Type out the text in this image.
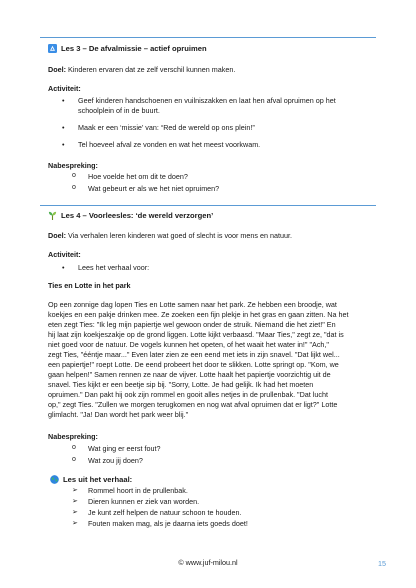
Les 3 – De afvalmissie – actief opruimen
Doel: Kinderen ervaren dat ze zelf verschil kunnen maken.
Activiteit:
• Geef kinderen handschoenen en vuilniszakken en laat hen afval opruimen op het schoolplein of in de buurt.
• Maak er een ‘missie’ van: “Red de wereld op ons plein!”
• Tel hoeveel afval ze vonden en wat het meest voorkwam.
Nabespreking:
o Hoe voelde het om dit te doen?
o Wat gebeurt er als we het niet opruimen?
Les 4 – Voorleesles: ‘de wereld verzorgen’
Doel: Via verhalen leren kinderen wat goed of slecht is voor mens en natuur.
Activiteit:
• Lees het verhaal voor:
Ties en Lotte in het park
Op een zonnige dag lopen Ties en Lotte samen naar het park. Ze hebben een broodje, wat
koekjes en een pakje drinken mee. Ze zoeken een fijn plekje in het gras en gaan zitten. Na het
eten zegt Ties: "Ik leg mijn papiertje wel gewoon onder de struik. Niemand die het ziet!" En
hij laat zijn koekjeszakje op de grond liggen. Lotte kijkt verbaasd. "Maar Ties," zegt ze, "dat is
niet goed voor de natuur. De vogels kunnen het opeten, of het waait het water in!" "Ach,"
zegt Ties, "ééntje maar..." Even later zien ze een eend met iets in zijn snavel. "Dat lijkt wel...
een papiertje!" roept Lotte. De eend probeert het door te slikken. Lotte springt op. "Kom, we
gaan helpen!" Samen rennen ze naar de vijver. Lotte haalt het papiertje voorzichtig uit de
snavel. Ties kijkt er een beetje sip bij. "Sorry, Lotte. Je had gelijk. Ik had het moeten
opruimen." Dan pakt hij ook zijn rommel en gooit alles netjes in de prullenbak. "Dat lucht
op," zegt Ties. "Zullen we morgen terugkomen en nog wat afval opruimen dat er ligt?" Lotte
glimlacht. "Ja! Dan wordt het park weer blij."
Nabespreking:
o Wat ging er eerst fout?
o Wat zou jij doen?
Les uit het verhaal:
➢ Rommel hoort in de prullenbak.
➢ Dieren kunnen er ziek van worden.
➢ Je kunt zelf helpen de natuur schoon te houden.
➢ Fouten maken mag, als je daarna iets goeds doet!
© www.juf-milou.nl	15
